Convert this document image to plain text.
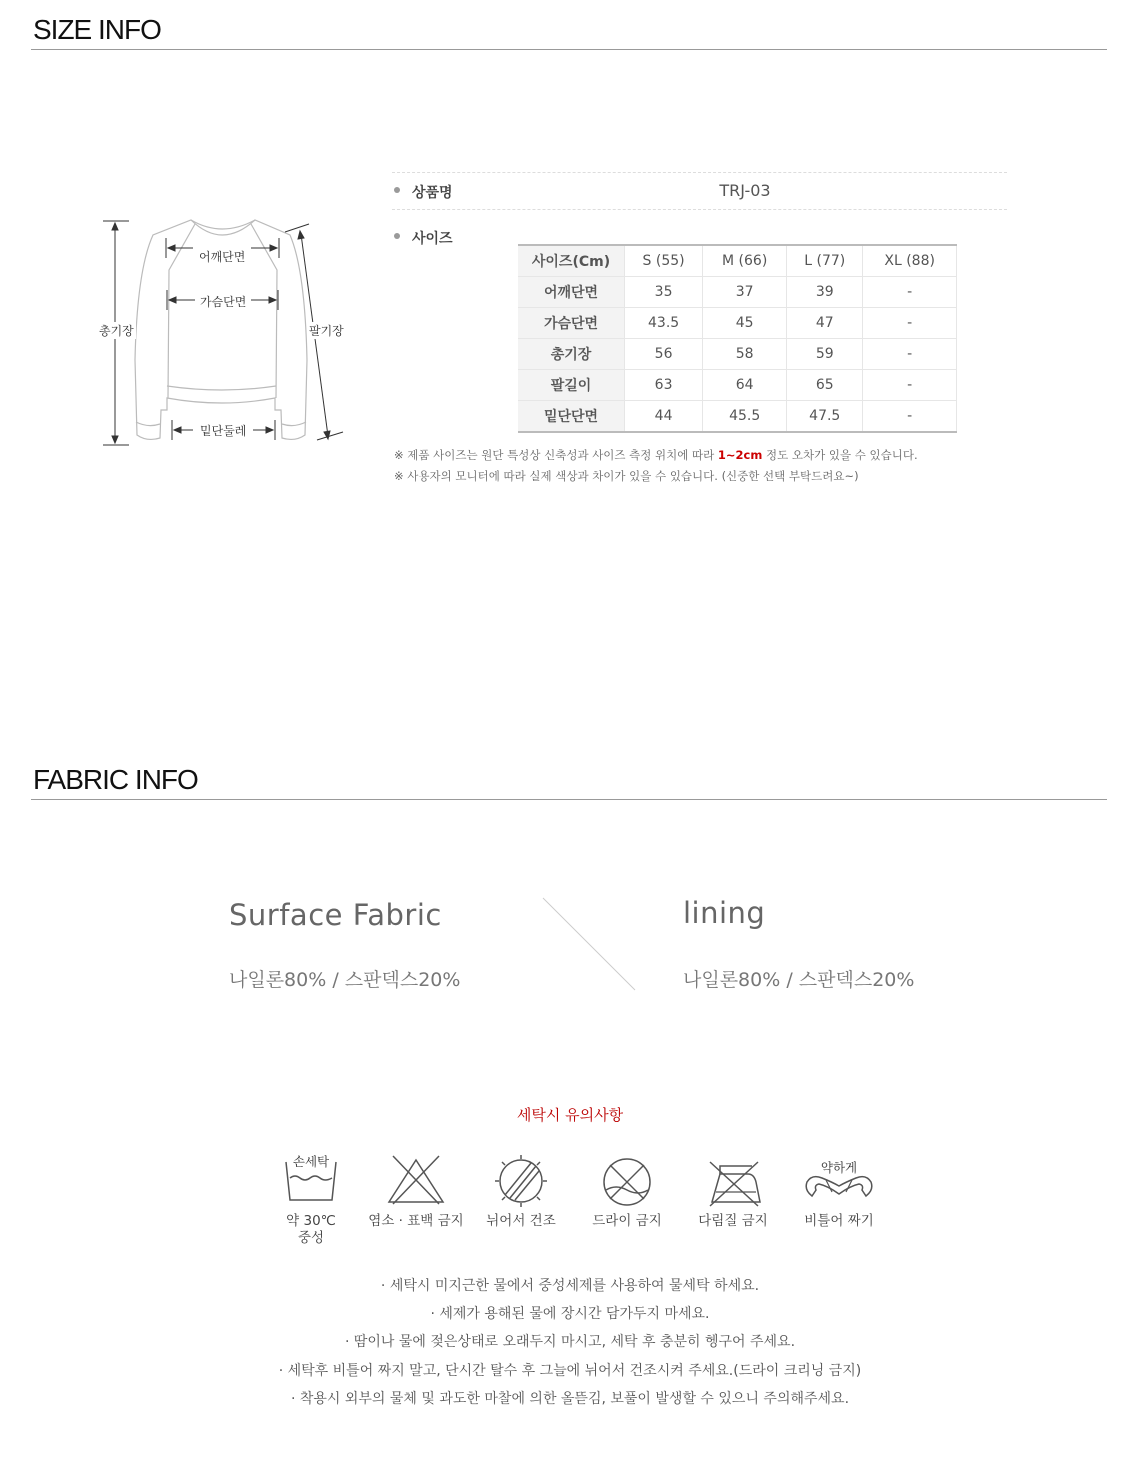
SIZE INFO
어깨단면
가슴단면
총기장	팔기장
밑단둘레
상품명	TRJ-03
사이즈
사이즈(Cm)	S (55)	M (66)	L (77)	XL (88)
어깨단면	35	37	39	-
가슴단면	43.5	45	47	-
총기장	56	58	59	-
팔길이	63	64	65	-
밑단단면	44	45.5	47.5	-
※ 제품 사이즈는 원단 특성상 신축성과 사이즈 측정 위치에 따라 1~2cm 정도 오차가 있을 수 있습니다.
※ 사용자의 모니터에 따라 실제 색상과 차이가 있을 수 있습니다. (신중한 선택 부탁드려요~)
FABRIC INFO
Surface Fabric
나일론80% / 스판덱스20%
lining
나일론80% / 스판덱스20%
세탁시 유의사항
손세탁
약 30℃
중성
염소 · 표백 금지	뉘어서 건조	드라이 금지	다림질 금지
약하게
비틀어 짜기
· 세탁시 미지근한 물에서 중성세제를 사용하여 물세탁 하세요.
· 세제가 용해된 물에 장시간 담가두지 마세요.
· 땀이나 물에 젖은상태로 오래두지 마시고, 세탁 후 충분히 헹구어 주세요.
· 세탁후 비틀어 짜지 말고, 단시간 탈수 후 그늘에 뉘어서 건조시켜 주세요.(드라이 크리닝 금지)
· 착용시 외부의 물체 및 과도한 마찰에 의한 올뜯김, 보풀이 발생할 수 있으니 주의해주세요.
